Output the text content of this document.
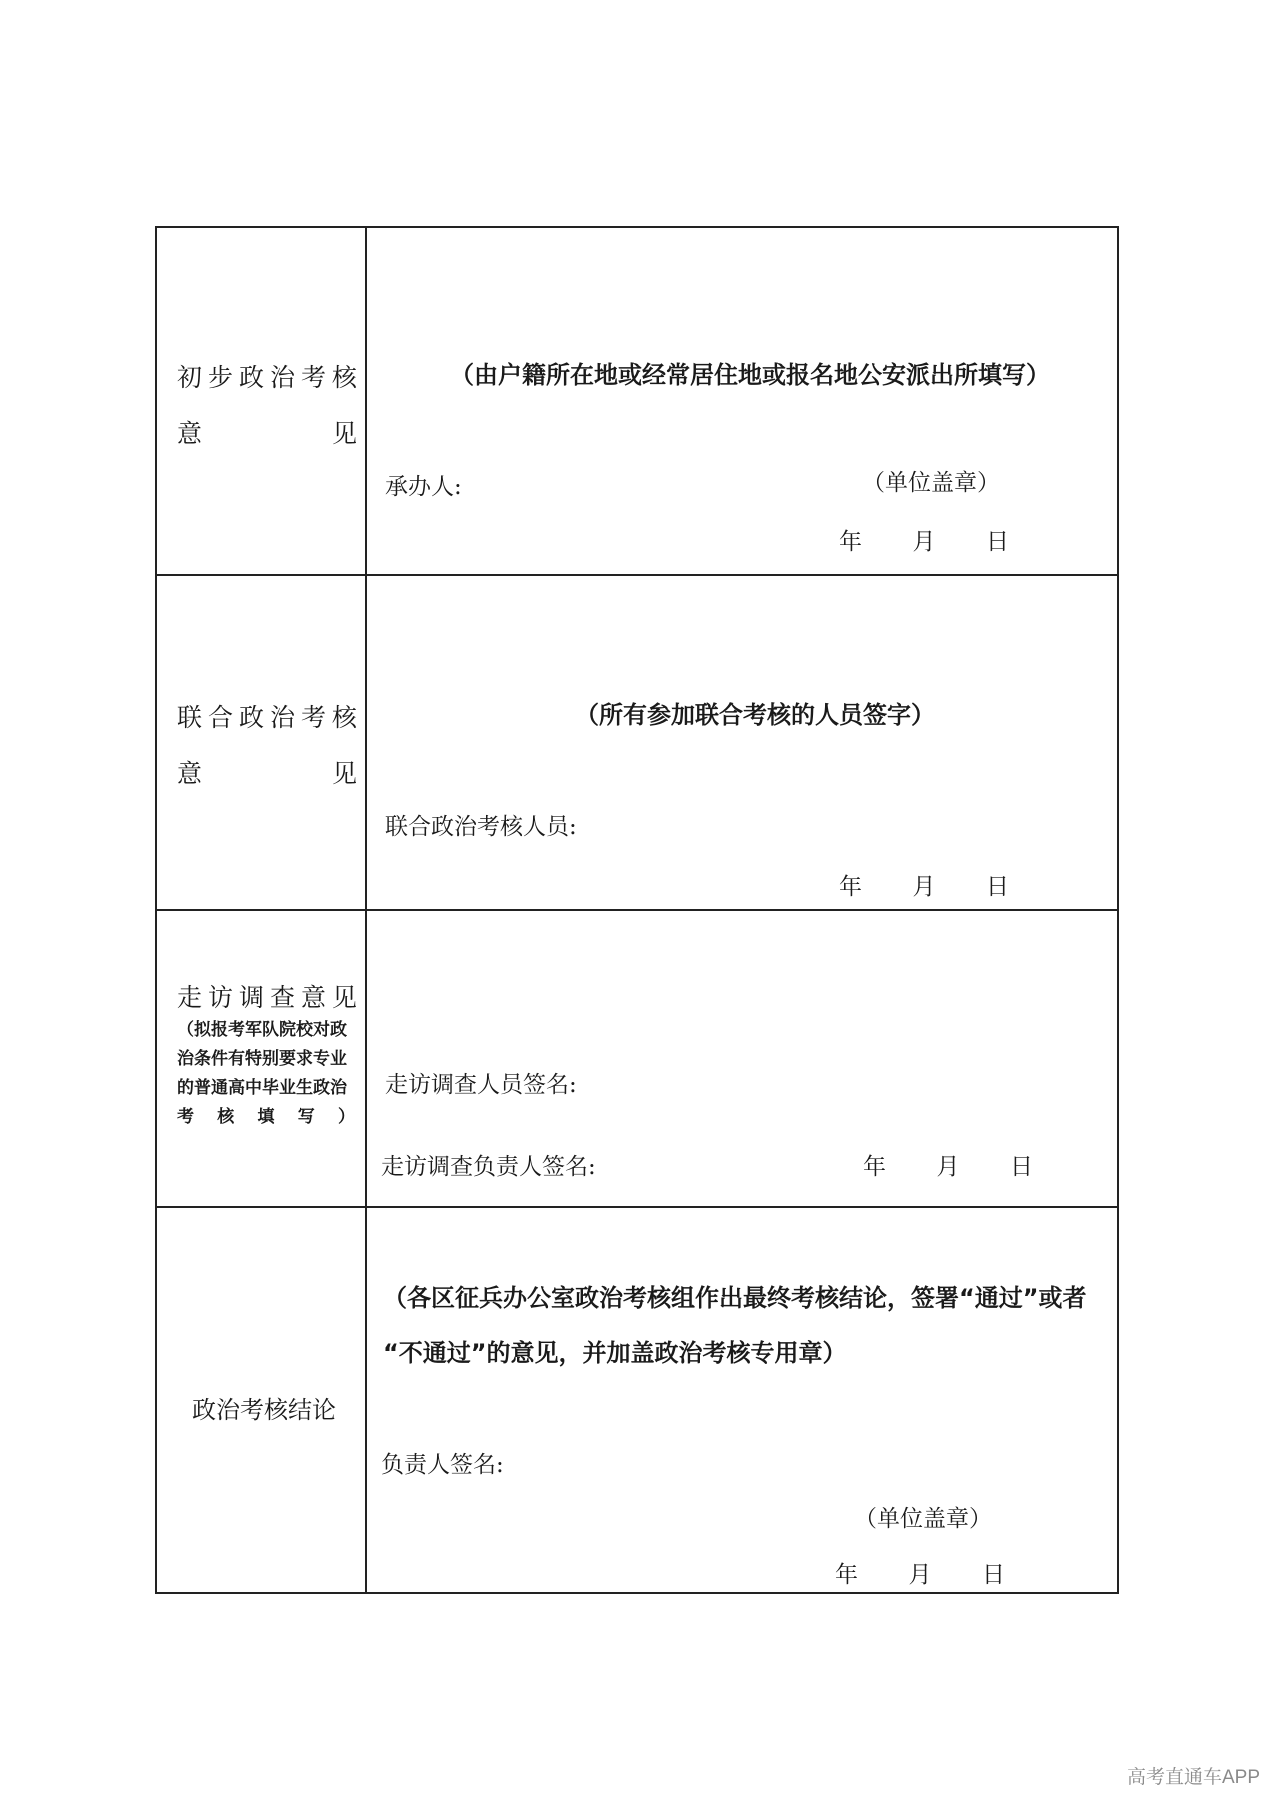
初 步 政 治 考 核
意	见
（由户籍所在地或经常居住地或报名地公安派出所填写）
承办人:	（单位盖章）
年 月 日
联 合 政 治 考 核
意	见
（所有参加联合考核的人员签字）
联合政治考核人员:
年 月 日
走 访 调 查 意 见
（拟报考军队院校对政
治条件有特别要求专业
的普通高中毕业生政治
考 核 填 写 ）
走访调查人员签名:
走访调查负责人签名:	年 月 日
政治考核结论
（各区征兵办公室政治考核组作出最终考核结论，签署“通过”或者
“不通过”的意见，并加盖政治考核专用章）
负责人签名:
（单位盖章）
年 月 日
高考直通车APP
